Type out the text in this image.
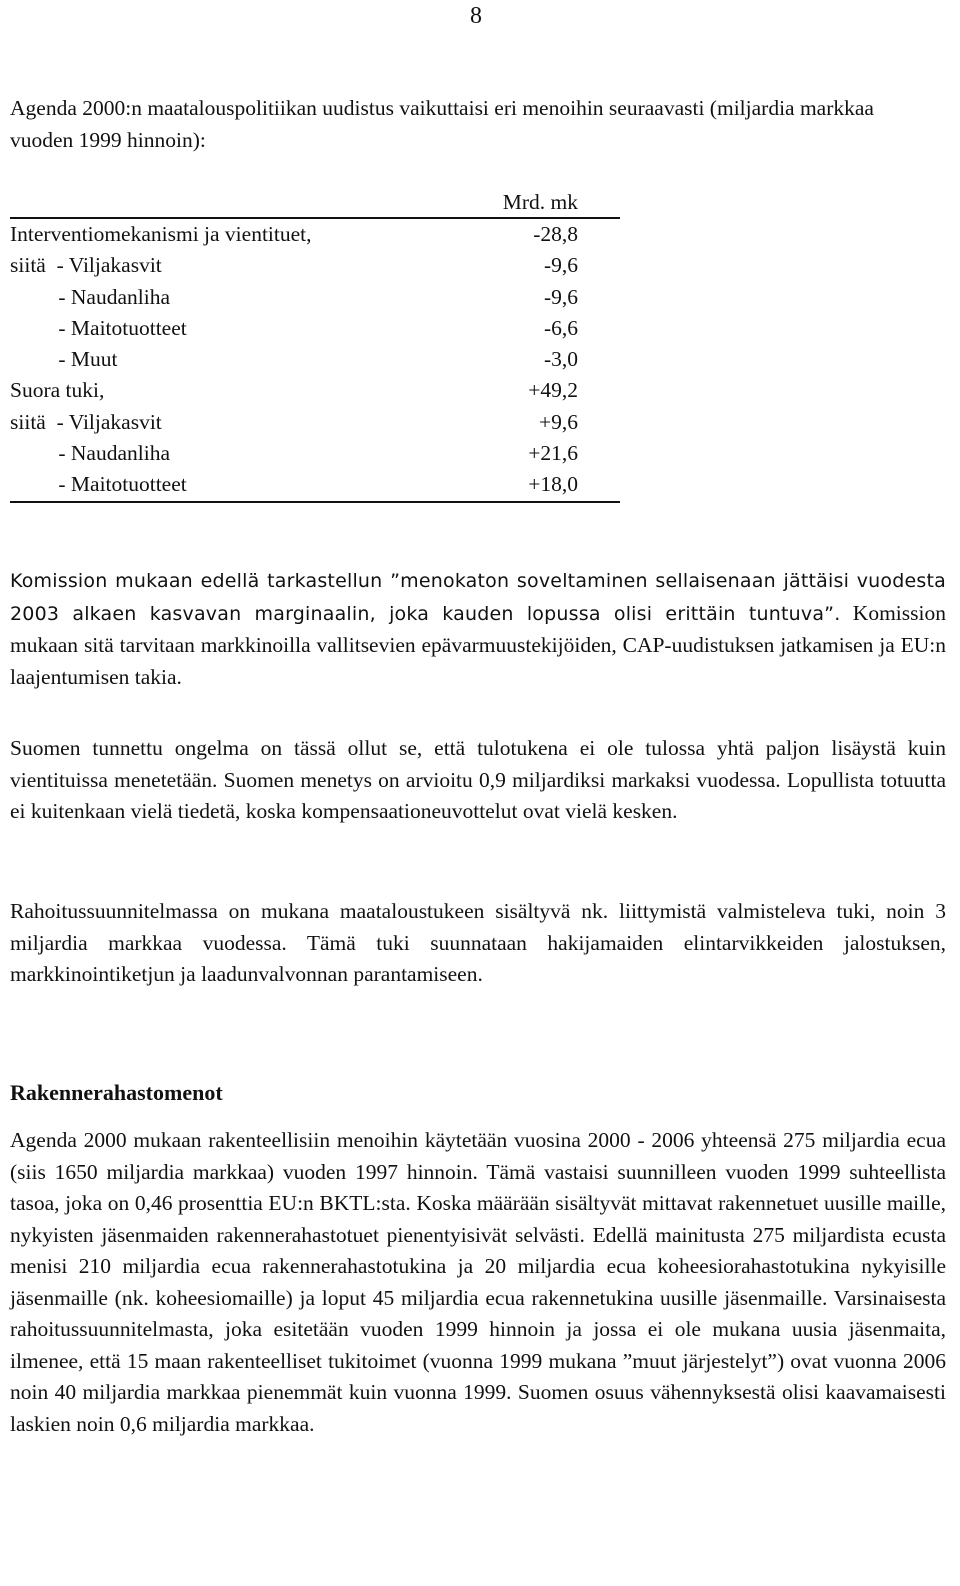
8

Agenda 2000:n maatalouspolitiikan uudistus vaikuttaisi eri menoihin seuraavasti (miljardia markkaa vuoden 1999 hinnoin):

Mrd. mk
Interventiomekanismi ja vientituet,	-28,8
siitä  - Viljakasvit	-9,6
- Naudanliha	-9,6
- Maitotuotteet	-6,6
- Muut	-3,0
Suora tuki,	+49,2
siitä  - Viljakasvit	+9,6
- Naudanliha	+21,6
- Maitotuotteet	+18,0

Komission mukaan edellä tarkastellun ”menokaton soveltaminen sellaisenaan jättäisi vuodesta 2003 alkaen kasvavan marginaalin, joka kauden lopussa olisi erittäin tuntuva”. Komission mukaan sitä tarvitaan markkinoilla vallitsevien epävarmuustekijöiden, CAP-uudistuksen jatkamisen ja EU:n laajentumisen takia.

Suomen tunnettu ongelma on tässä ollut se, että tulotukena ei ole tulossa yhtä paljon lisäystä kuin vientituissa menetetään. Suomen menetys on arvioitu 0,9 miljardiksi markaksi vuodessa. Lopullista totuutta ei kuitenkaan vielä tiedetä, koska kompensaationeuvottelut ovat vielä kesken.

Rahoitussuunnitelmassa on mukana maataloustukeen sisältyvä nk. liittymistä valmisteleva tuki, noin 3 miljardia markkaa vuodessa. Tämä tuki suunnataan hakijamaiden elintarvikkeiden jalostuksen, markkinointiketjun ja laadunvalvonnan parantamiseen.

Rakennerahastomenot

Agenda 2000 mukaan rakenteellisiin menoihin käytetään vuosina 2000 - 2006 yhteensä 275 miljardia ecua (siis 1650 miljardia markkaa) vuoden 1997 hinnoin. Tämä vastaisi suunnilleen vuoden 1999 suhteellista tasoa, joka on 0,46 prosenttia EU:n BKTL:sta. Koska määrään sisältyvät mittavat rakennetuet uusille maille, nykyisten jäsenmaiden rakennerahastotuet pienentyisivät selvästi. Edellä mainitusta 275 miljardista ecusta menisi 210 miljardia ecua rakennerahastotukina ja 20 miljardia ecua koheesiorahastotukina nykyisille jäsenmaille (nk. koheesiomaille) ja loput 45 miljardia ecua rakennetukina uusille jäsenmaille. Varsinaisesta rahoitussuunnitelmasta, joka esitetään vuoden 1999 hinnoin ja jossa ei ole mukana uusia jäsenmaita, ilmenee, että 15 maan rakenteelliset tukitoimet (vuonna 1999 mukana ”muut järjestelyt”) ovat vuonna 2006 noin 40 miljardia markkaa pienemmät kuin vuonna 1999. Suomen osuus vähennyksestä olisi kaavamaisesti laskien noin 0,6 miljardia markkaa.
